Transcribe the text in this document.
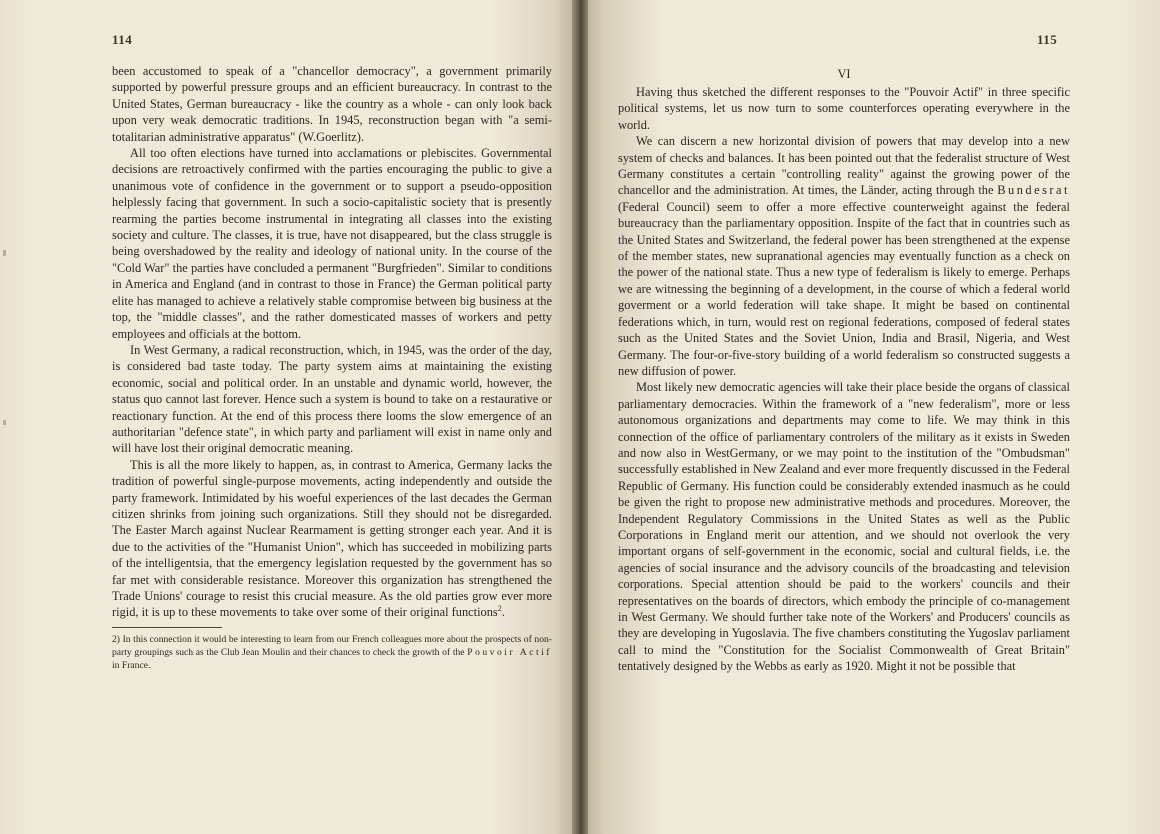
114

been accustomed to speak of a "chancellor democracy", a government primarily supported by powerful pressure groups and an efficient bureaucracy. In contrast to the United States, German bureaucracy - like the country as a whole - can only look back upon very weak democratic traditions. In 1945, reconstruction began with "a semi-totalitarian administrative apparatus" (W.Goerlitz).

All too often elections have turned into acclamations or plebiscites. Governmental decisions are retroactively confirmed with the parties encouraging the public to give a unanimous vote of confidence in the government or to support a pseudo-opposition helplessly facing that government. In such a socio-capitalistic society that is presently rearming the parties become instrumental in integrating all classes into the existing society and culture. The classes, it is true, have not disappeared, but the class struggle is being overshadowed by the reality and ideology of national unity. In the course of the "Cold War" the parties have concluded a permanent "Burgfrieden". Similar to conditions in America and England (and in contrast to those in France) the German political party elite has managed to achieve a relatively stable compromise between big business at the top, the "middle classes", and the rather domesticated masses of workers and petty employees and officials at the bottom.

In West Germany, a radical reconstruction, which, in 1945, was the order of the day, is considered bad taste today. The party system aims at maintaining the existing economic, social and political order. In an unstable and dynamic world, however, the status quo cannot last forever. Hence such a system is bound to take on a restaurative or reactionary function. At the end of this process there looms the slow emergence of an authoritarian "defence state", in which party and parliament will exist in name only and will have lost their original democratic meaning.

This is all the more likely to happen, as, in contrast to America, Germany lacks the tradition of powerful single-purpose movements, acting independently and outside the party framework. Intimidated by his woeful experiences of the last decades the German citizen shrinks from joining such organizations. Still they should not be disregarded. The Easter March against Nuclear Rearmament is getting stronger each year. And it is due to the activities of the "Humanist Union", which has succeeded in mobilizing parts of the intelligentsia, that the emergency legislation requested by the government has so far met with considerable resistance. Moreover this organization has strengthened the Trade Unions' courage to resist this crucial measure. As the old parties grow ever more rigid, it is up to these movements to take over some of their original functions$^2$.

2) In this connection it would be interesting to learn from our French colleagues more about the prospects of non-party groupings such as the Club Jean Moulin and their chances to check the growth of the Pouvoir Actif in France.

115
VI

Having thus sketched the different responses to the "Pouvoir Actif" in three specific political systems, let us now turn to some counterforces operating everywhere in the world.

We can discern a new horizontal division of powers that may develop into a new system of checks and balances. It has been pointed out that the federalist structure of West Germany constitutes a certain "controlling reality" against the growing power of the chancellor and the administration. At times, the Länder, acting through the Bundesrat (Federal Council) seem to offer a more effective counterweight against the federal bureaucracy than the parliamentary opposition. Inspite of the fact that in countries such as the United States and Switzerland, the federal power has been strengthened at the expense of the member states, new supranational agencies may eventually function as a check on the power of the national state. Thus a new type of federalism is likely to emerge. Perhaps we are witnessing the beginning of a development, in the course of which a federal world goverment or a world federation will take shape. It might be based on continental federations which, in turn, would rest on regional federations, composed of federal states such as the United States and the Soviet Union, India and Brasil, Nigeria, and West Germany. The four-or-five-story building of a world federalism so constructed suggests a new diffusion of power.

Most likely new democratic agencies will take their place beside the organs of classical parliamentary democracies. Within the framework of a "new federalism", more or less autonomous organizations and departments may come to life. We may think in this connection of the office of parliamentary controlers of the military as it exists in Sweden and now also in WestGermany, or we may point to the institution of the "Ombudsman" successfully established in New Zealand and ever more frequently discussed in the Federal Republic of Germany. His function could be considerably extended inasmuch as he could be given the right to propose new administrative methods and procedures. Moreover, the Independent Regulatory Commissions in the United States as well as the Public Corporations in England merit our attention, and we should not overlook the very important organs of self-government in the economic, social and cultural fields, i.e. the agencies of social insurance and the advisory councils of the broadcasting and television corporations. Special attention should be paid to the workers' councils and their representatives on the boards of directors, which embody the principle of co-management in West Germany. We should further take note of the Workers' and Producers' councils as they are developing in Yugoslavia. The five chambers constituting the Yugoslav parliament call to mind the "Constitution for the Socialist Commonwealth of Great Britain" tentatively designed by the Webbs as early as 1920. Might it not be possible that
